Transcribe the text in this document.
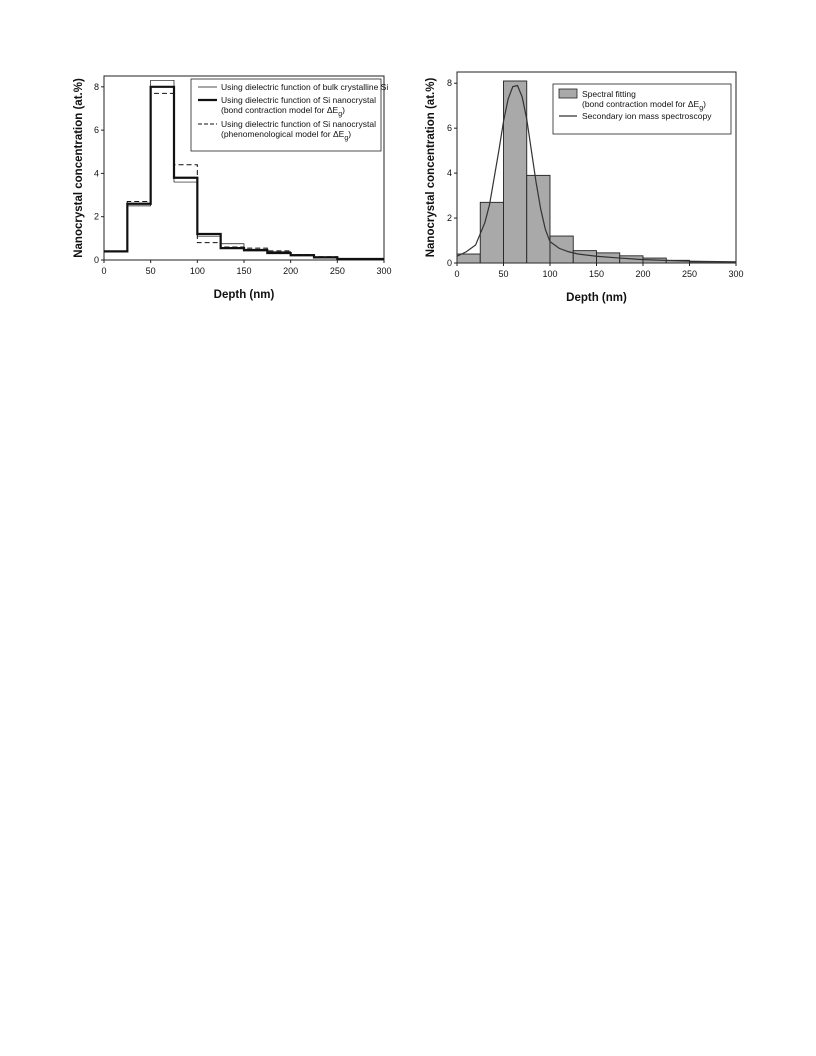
0	50	100	150	200	250	300
0
2
4
6
8
Depth (nm)
Nanocrystal concentration (at.%)	Using dielectric function of bulk crystalline Si
Using dielectric function of Si nanocrystal
(bond contraction model for $\Delta E_g$)
Using dielectric function of Si nanocrystal
(phenomenological model for $\Delta E_g$)
0	50	100	150	200	250	300
0
2
4
6
8
Depth (nm)
Nanocrystal concentration (at.%)	Spectral fitting
(bond contraction model for $\Delta E_g$)
Secondary ion mass spectroscopy
